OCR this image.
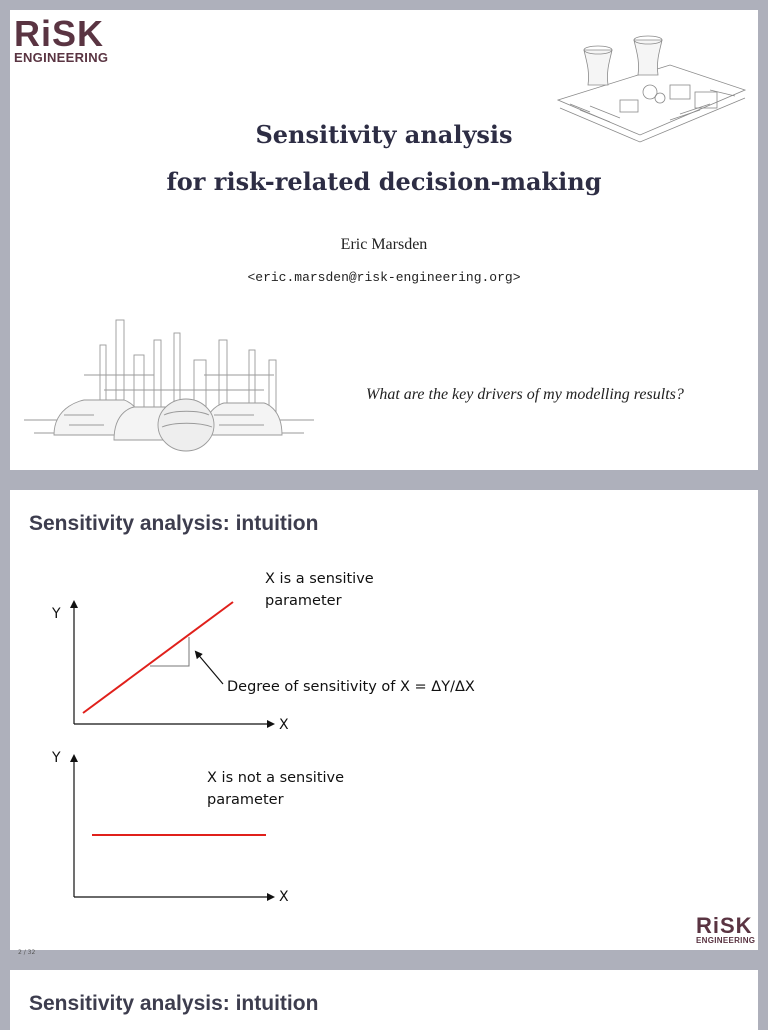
RiSK
ENGINEERING
Sensitivity analysis
for risk-related decision-making
Eric Marsden
<eric.marsden@risk-engineering.org>
What are the key drivers of my modelling results?
Sensitivity analysis: intuition
X is a sensitive
parameter
Degree of sensitivity of X = ΔY/ΔX
X is not a sensitive
parameter
Y
X
Y
X
RiSK
ENGINEERING
2 / 32
Sensitivity analysis: intuition
